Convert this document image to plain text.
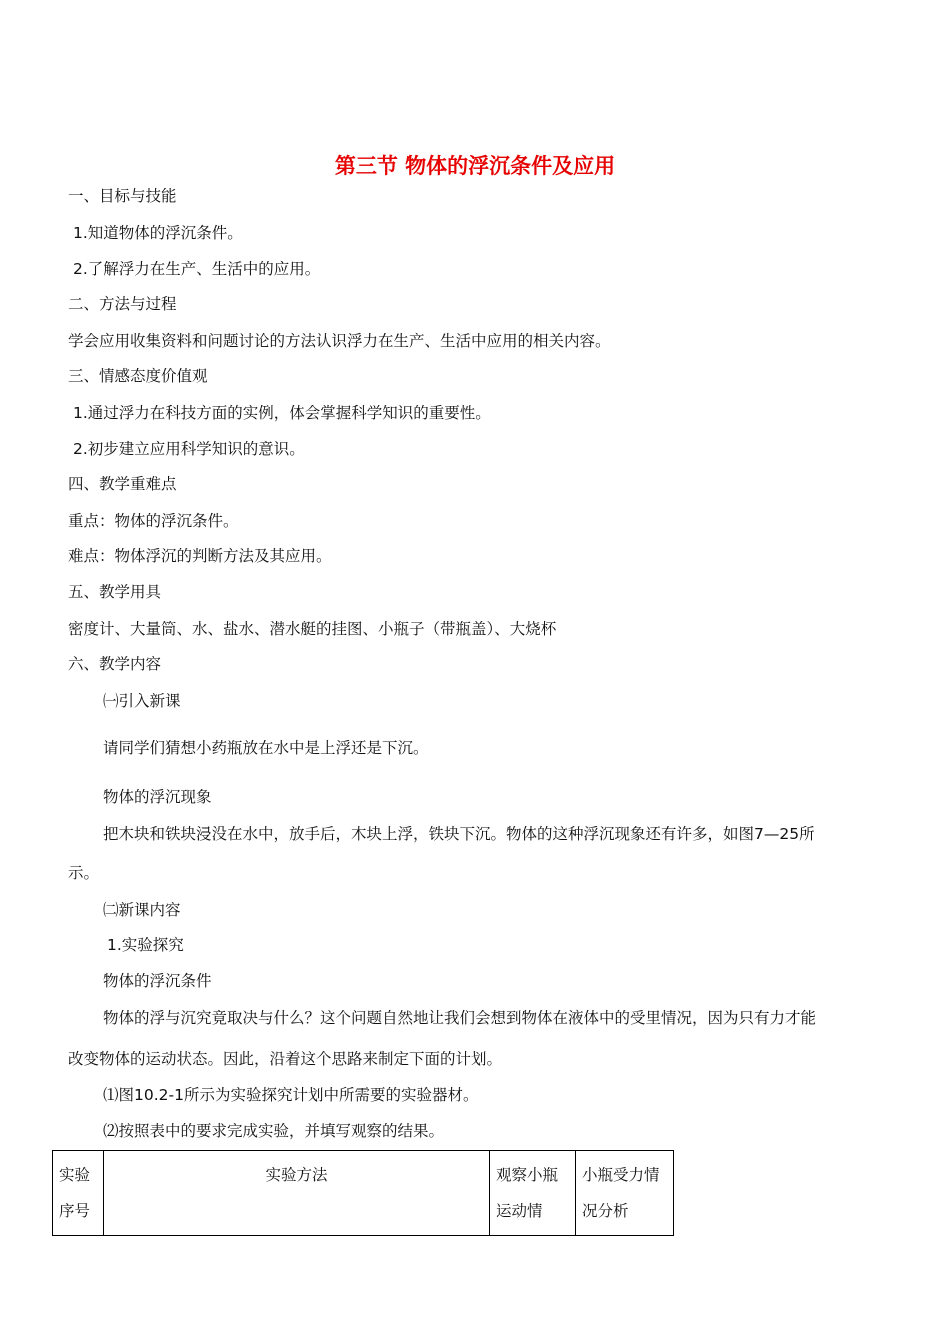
第三节 物体的浮沉条件及应用
一、目标与技能
1.知道物体的浮沉条件。
2.了解浮力在生产、生活中的应用。
二、方法与过程
学会应用收集资料和问题讨论的方法认识浮力在生产、生活中应用的相关内容。
三、情感态度价值观
1.通过浮力在科技方面的实例，体会掌握科学知识的重要性。
2.初步建立应用科学知识的意识。
四、教学重难点
重点：物体的浮沉条件。
难点：物体浮沉的判断方法及其应用。
五、教学用具
密度计、大量筒、水、盐水、潜水艇的挂图、小瓶子（带瓶盖）、大烧杯
六、教学内容
㈠引入新课
请同学们猜想小药瓶放在水中是上浮还是下沉。
物体的浮沉现象
把木块和铁块浸没在水中，放手后，木块上浮，铁块下沉。物体的这种浮沉现象还有许多，如图7—25所
示。
㈡新课内容
1.实验探究
物体的浮沉条件
物体的浮与沉究竟取决与什么？这个问题自然地让我们会想到物体在液体中的受里情况，因为只有力才能
改变物体的运动状态。因此，沿着这个思路来制定下面的计划。
⑴图10.2-1所示为实验探究计划中所需要的实验器材。
⑵按照表中的要求完成实验，并填写观察的结果。
实验序号	实验方法	观察小瓶运动情	小瓶受力情况分析
